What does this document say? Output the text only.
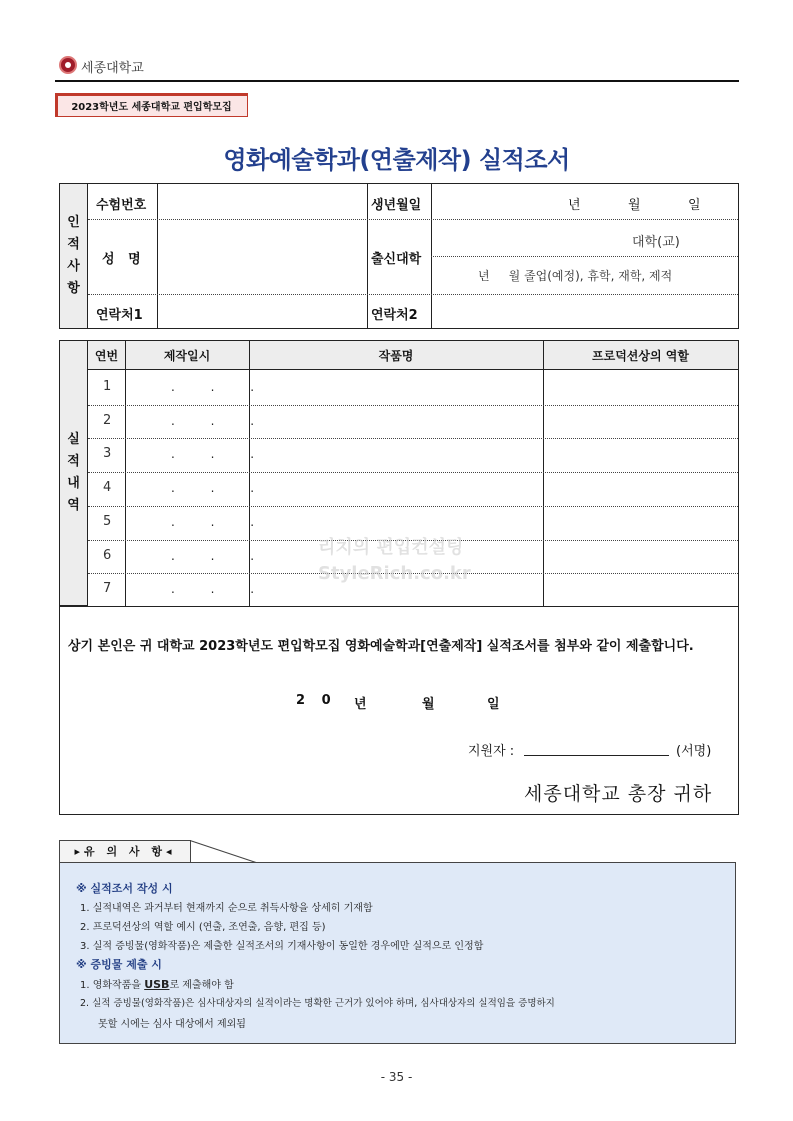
세종대학교
2023학년도 세종대학교 편입학모집
영화예술학과(연출제작) 실적조서
인
적
사
항
수험번호	생년월일	년	월	일
성   명	출신대학
대학(교)
년     월 졸업(예정), 휴학, 재학, 제적
연락처1	연락처2
실
적
내
역
연번	제작일시	작품명	프로덕션상의 역할
1	. . .
2	. . .
3	. . .
4	. . .
5	. . .
6	. . .
7	. . .
리치의 편입컨설팅
StyleRich.co.kr
상기 본인은 귀 대학교 2023학년도 편입학모집 영화예술학과[연출제작] 실적조서를 첨부와 같이 제출합니다.
2 0 년	월	일
지원자 :	(서명)
세종대학교 총장 귀하
▸유 의 사 항◂
※ 실적조서 작성 시
1. 실적내역은 과거부터 현재까지 순으로 취득사항을 상세히 기재함
2. 프로덕션상의 역할 예시 (연출, 조연출, 음향, 편집 등)
3. 실적 증빙물(영화작품)은 제출한 실적조서의 기재사항이 동일한 경우에만 실적으로 인정함
※ 증빙물 제출 시
1. 영화작품을 USB로 제출해야 함
2. 실적 증빙물(영화작품)은 심사대상자의 실적이라는 명확한 근거가 있어야 하며, 심사대상자의 실적임을 증명하지
못할 시에는 심사 대상에서 제외됨
- 35 -
